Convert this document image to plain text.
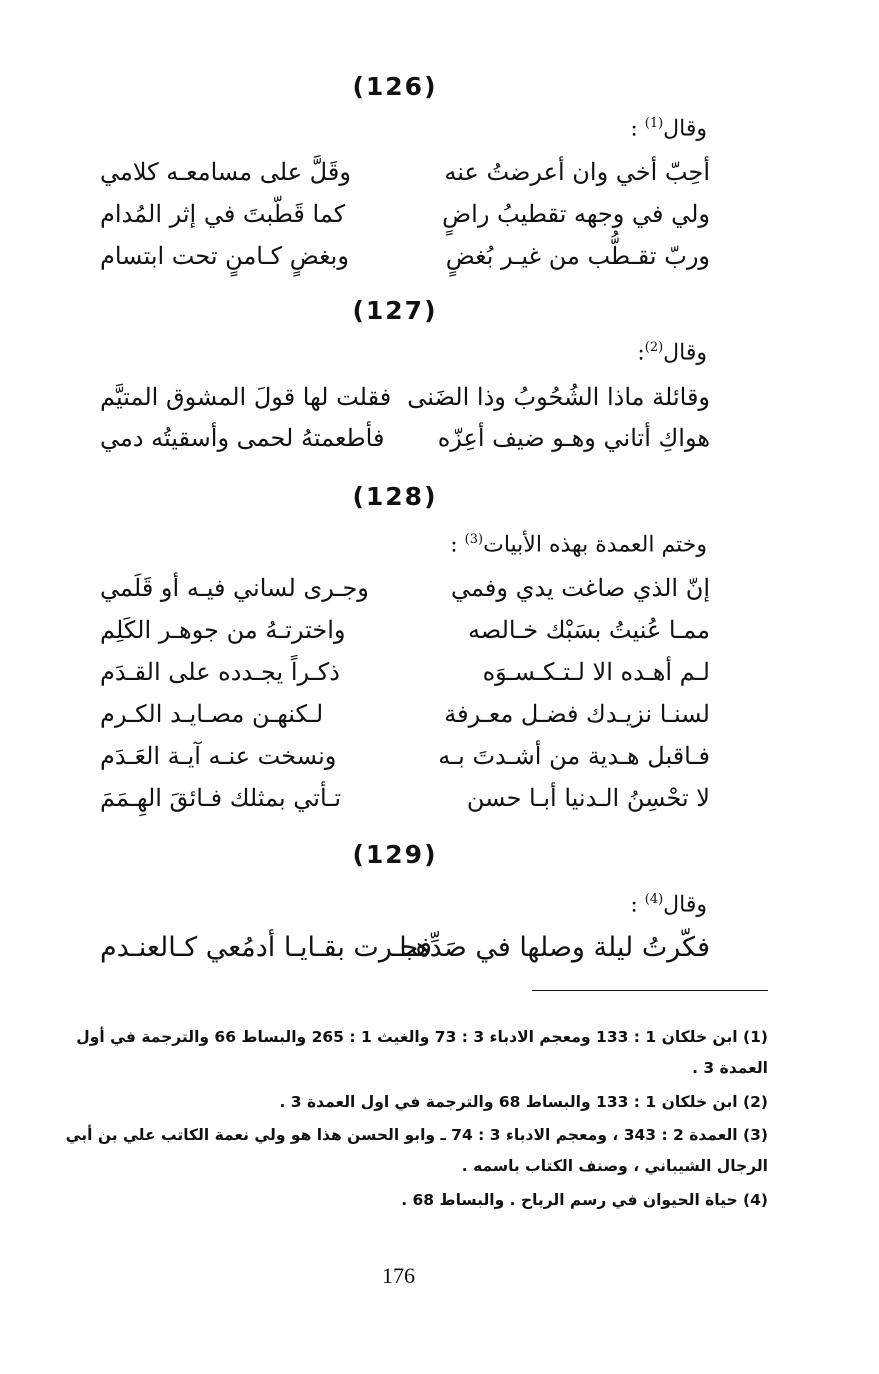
(126)
وقال$^{(1)}$ :
أحِبّ أخي وان أعرضتُ عنه
وقَلَّ على مسامعـه كلامي
ولي في وجهه تقطيبُ راضٍ
كما قَطّبتَ في إثر المُدام
وربّ تقـطُّب من غيـر بُغضٍ
وبغضٍ كـامنٍ تحت ابتسام
(127)
وقال$^{(2)}$:
وقائلة ماذا الشُحُوبُ وذا الضَنى
فقلت لها قولَ المشوق المتيَّم
هواكِ أتاني وهـو ضيف أعِزّه
فأطعمتهُ لحمى وأسقيتُه دمي
(128)
وختم العمدة بهذه الأبيات$^{(3)}$ :
إنّ الذي صاغت يدي وفمي
وجـرى لساني فيـه أو قَلَمي
ممـا عُنيتُ بسَبْك خـالصه
واخترتـهُ من جوهـر الكَلِم
لـم أهـده الا لـتـكـسـوَه
ذكـراً يجـدده على القـدَم
لسنـا نزيـدك فضـل معـرفة
لـكنهـن مصـايـد الكـرم
فـاقبل هـدية من أشـدتَ بـه
ونسخت عنـه آيـة العَـدَم
لا تحْسِنُ الـدنيا أبـا حسن
تـأتي بمثلك فـائقَ الهِـمَمَ
(129)
وقال$^{(4)}$ :
فكّرتُ ليلة وصلها في صَدِّهـا
فجـرت بقـايـا أدمُعي كـالعنـدم
(1) ابن خلكان 1 : 133 ومعجم الادباء 3 : 73 والغيث 1 : 265 والبساط 66 والترجمة في أول العمدة 3 .
(2) ابن خلكان 1 : 133 والبساط 68 والترجمة في اول العمدة 3 .
(3) العمدة 2 : 343 ، ومعجم الادباء 3 : 74 ـ وابو الحسن هذا هو ولي نعمة الكاتب علي بن أبي الرجال الشيباني ، وصنف الكتاب باسمه .
(4) حياة الحيوان في رسم الرباح . والبساط 68 .
176
